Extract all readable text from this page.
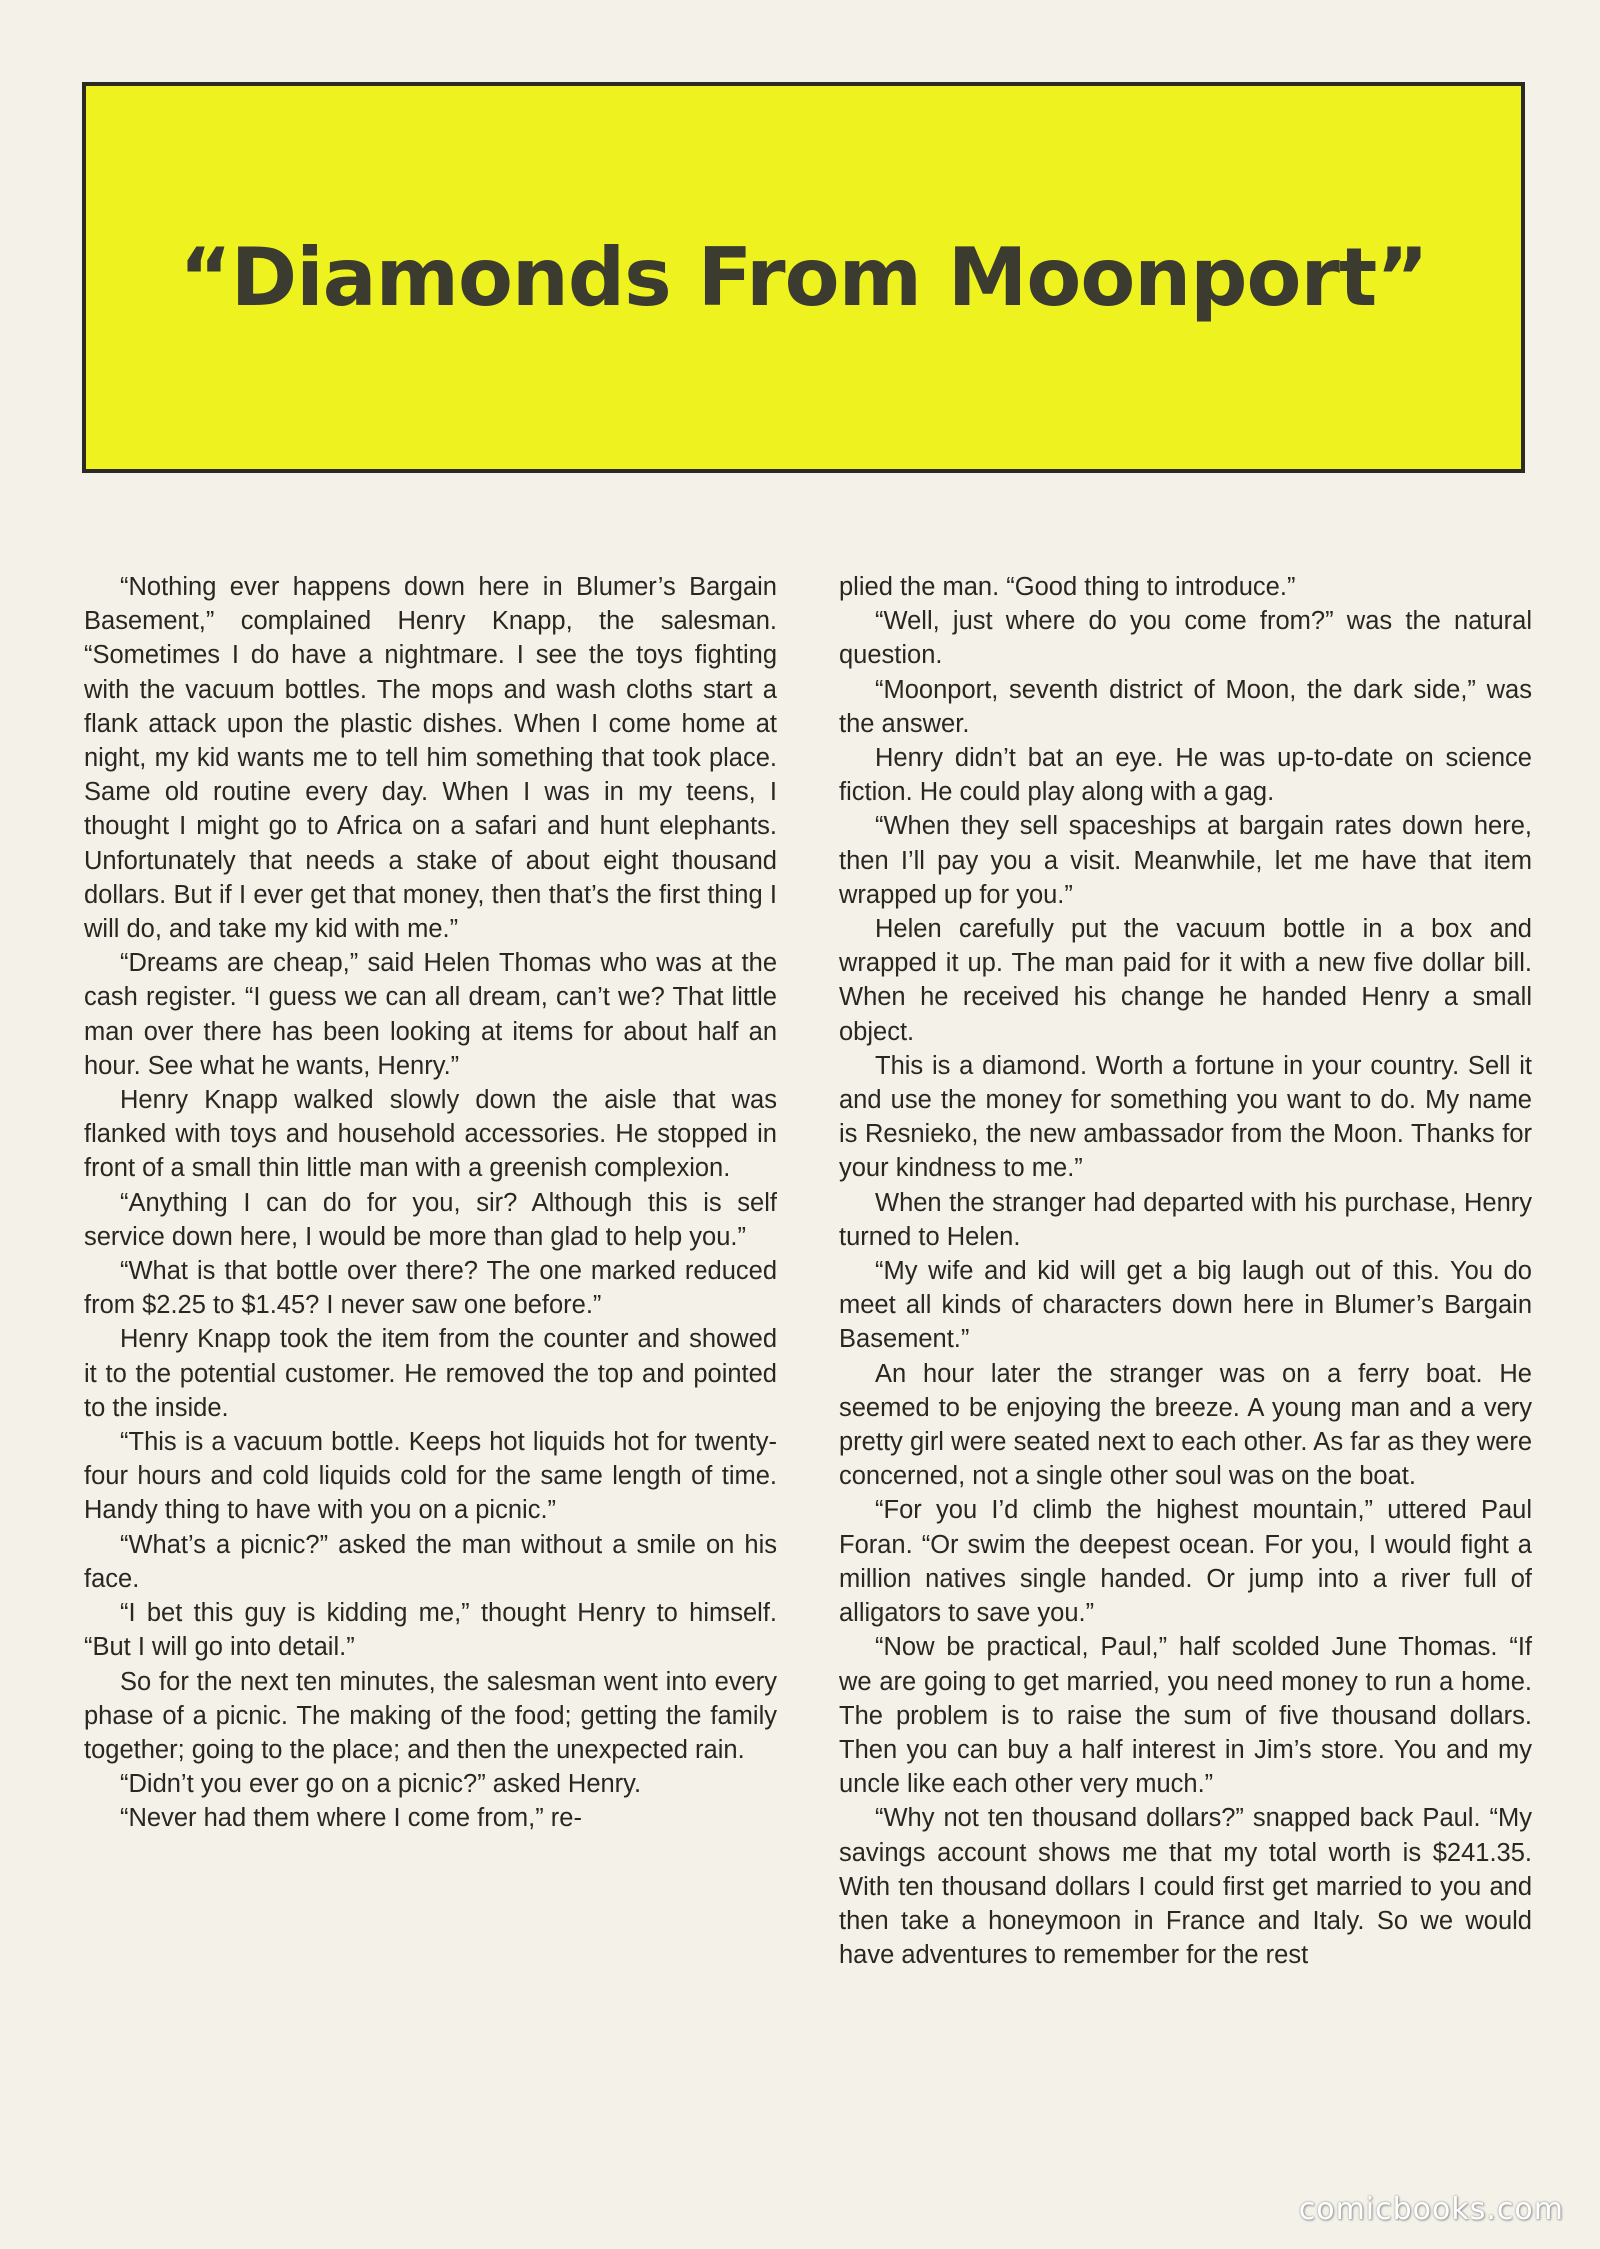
“Diamonds From Moonport”

“Nothing ever happens down here in Blumer’s Bargain Basement,” complained Henry Knapp, the salesman. “Sometimes I do have a nightmare. I see the toys fighting with the vacuum bottles. The mops and wash cloths start a flank attack upon the plastic dishes. When I come home at night, my kid wants me to tell him something that took place. Same old routine every day. When I was in my teens, I thought I might go to Africa on a safari and hunt elephants. Unfortunately that needs a stake of about eight thousand dollars. But if I ever get that money, then that’s the first thing I will do, and take my kid with me.”

“Dreams are cheap,” said Helen Thomas who was at the cash register. “I guess we can all dream, can’t we? That little man over there has been looking at items for about half an hour. See what he wants, Henry.”

Henry Knapp walked slowly down the aisle that was flanked with toys and household accessories. He stopped in front of a small thin little man with a greenish complexion.

“Anything I can do for you, sir? Although this is self service down here, I would be more than glad to help you.”

“What is that bottle over there? The one marked reduced from $2.25 to $1.45? I never saw one before.”

Henry Knapp took the item from the counter and showed it to the potential customer. He removed the top and pointed to the inside.

“This is a vacuum bottle. Keeps hot liquids hot for twenty-four hours and cold liquids cold for the same length of time. Handy thing to have with you on a picnic.”

“What’s a picnic?” asked the man without a smile on his face.

“I bet this guy is kidding me,” thought Henry to himself. “But I will go into detail.”

So for the next ten minutes, the salesman went into every phase of a picnic. The making of the food; getting the family together; going to the place; and then the unexpected rain.

“Didn’t you ever go on a picnic?” asked Henry.

“Never had them where I come from,” re-

plied the man. “Good thing to introduce.”

“Well, just where do you come from?” was the natural question.

“Moonport, seventh district of Moon, the dark side,” was the answer.

Henry didn’t bat an eye. He was up-to-date on science fiction. He could play along with a gag.

“When they sell spaceships at bargain rates down here, then I’ll pay you a visit. Meanwhile, let me have that item wrapped up for you.”

Helen carefully put the vacuum bottle in a box and wrapped it up. The man paid for it with a new five dollar bill. When he received his change he handed Henry a small object.

This is a diamond. Worth a fortune in your country. Sell it and use the money for something you want to do. My name is Resnieko, the new ambassador from the Moon. Thanks for your kindness to me.”

When the stranger had departed with his purchase, Henry turned to Helen.

“My wife and kid will get a big laugh out of this. You do meet all kinds of characters down here in Blumer’s Bargain Basement.”

An hour later the stranger was on a ferry boat. He seemed to be enjoying the breeze. A young man and a very pretty girl were seated next to each other. As far as they were concerned, not a single other soul was on the boat.

“For you I’d climb the highest mountain,” uttered Paul Foran. “Or swim the deepest ocean. For you, I would fight a million natives single handed. Or jump into a river full of alligators to save you.”

“Now be practical, Paul,” half scolded June Thomas. “If we are going to get married, you need money to run a home. The problem is to raise the sum of five thousand dollars. Then you can buy a half interest in Jim’s store. You and my uncle like each other very much.”

“Why not ten thousand dollars?” snapped back Paul. “My savings account shows me that my total worth is $241.35. With ten thousand dollars I could first get married to you and then take a honeymoon in France and Italy. So we would have adventures to remember for the rest

comicbooks.com
